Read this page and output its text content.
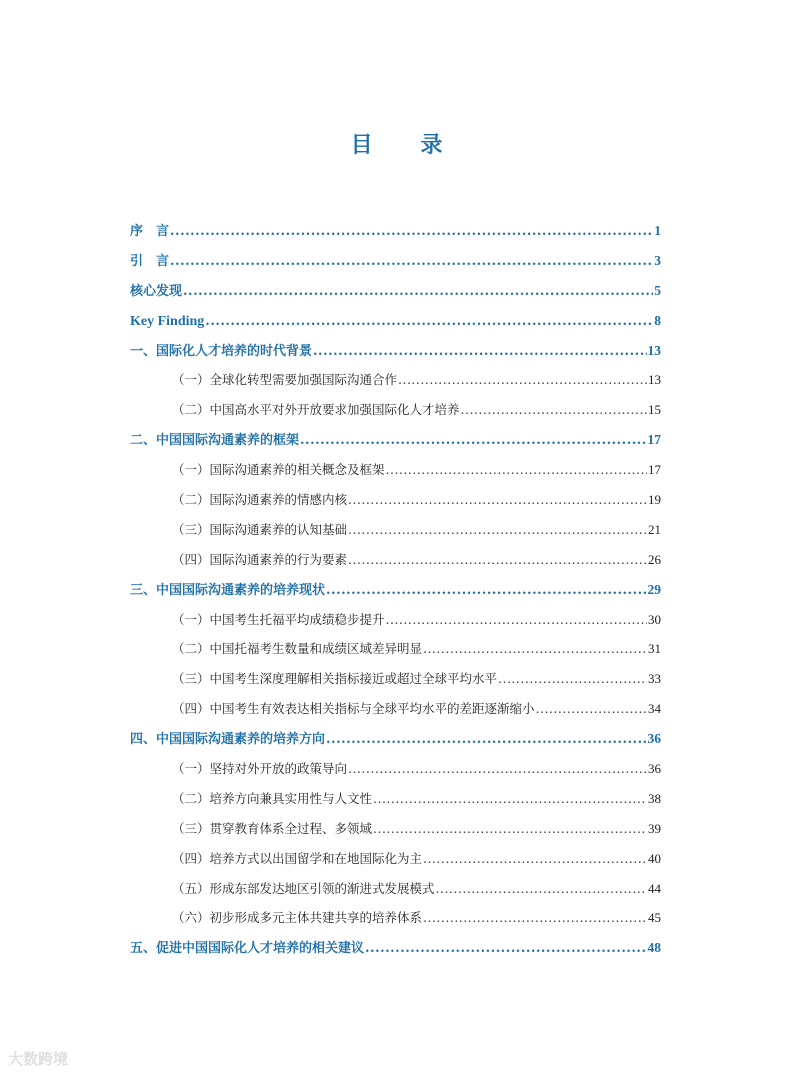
目 录
序　言 .....	1
引　言 .....	3
核心发现 .....	5
Key Finding .....	8
一、国际化人才培养的时代背景 .....	13
（一）全球化转型需要加强国际沟通合作 .....	13
（二）中国高水平对外开放要求加强国际化人才培养 .....	15
二、中国国际沟通素养的框架 .....	17
（一）国际沟通素养的相关概念及框架 .....	17
（二）国际沟通素养的情感内核 .....	19
（三）国际沟通素养的认知基础 .....	21
（四）国际沟通素养的行为要素 .....	26
三、中国国际沟通素养的培养现状 .....	29
（一）中国考生托福平均成绩稳步提升 .....	30
（二）中国托福考生数量和成绩区域差异明显 .....	31
（三）中国考生深度理解相关指标接近或超过全球平均水平 .....	33
（四）中国考生有效表达相关指标与全球平均水平的差距逐渐缩小 .....	34
四、中国国际沟通素养的培养方向 .....	36
（一）坚持对外开放的政策导向 .....	36
（二）培养方向兼具实用性与人文性 .....	38
（三）贯穿教育体系全过程、多领域 .....	39
（四）培养方式以出国留学和在地国际化为主 .....	40
（五）形成东部发达地区引领的渐进式发展模式 .....	44
（六）初步形成多元主体共建共享的培养体系 .....	45
五、促进中国国际化人才培养的相关建议 .....	48
大数跨境
